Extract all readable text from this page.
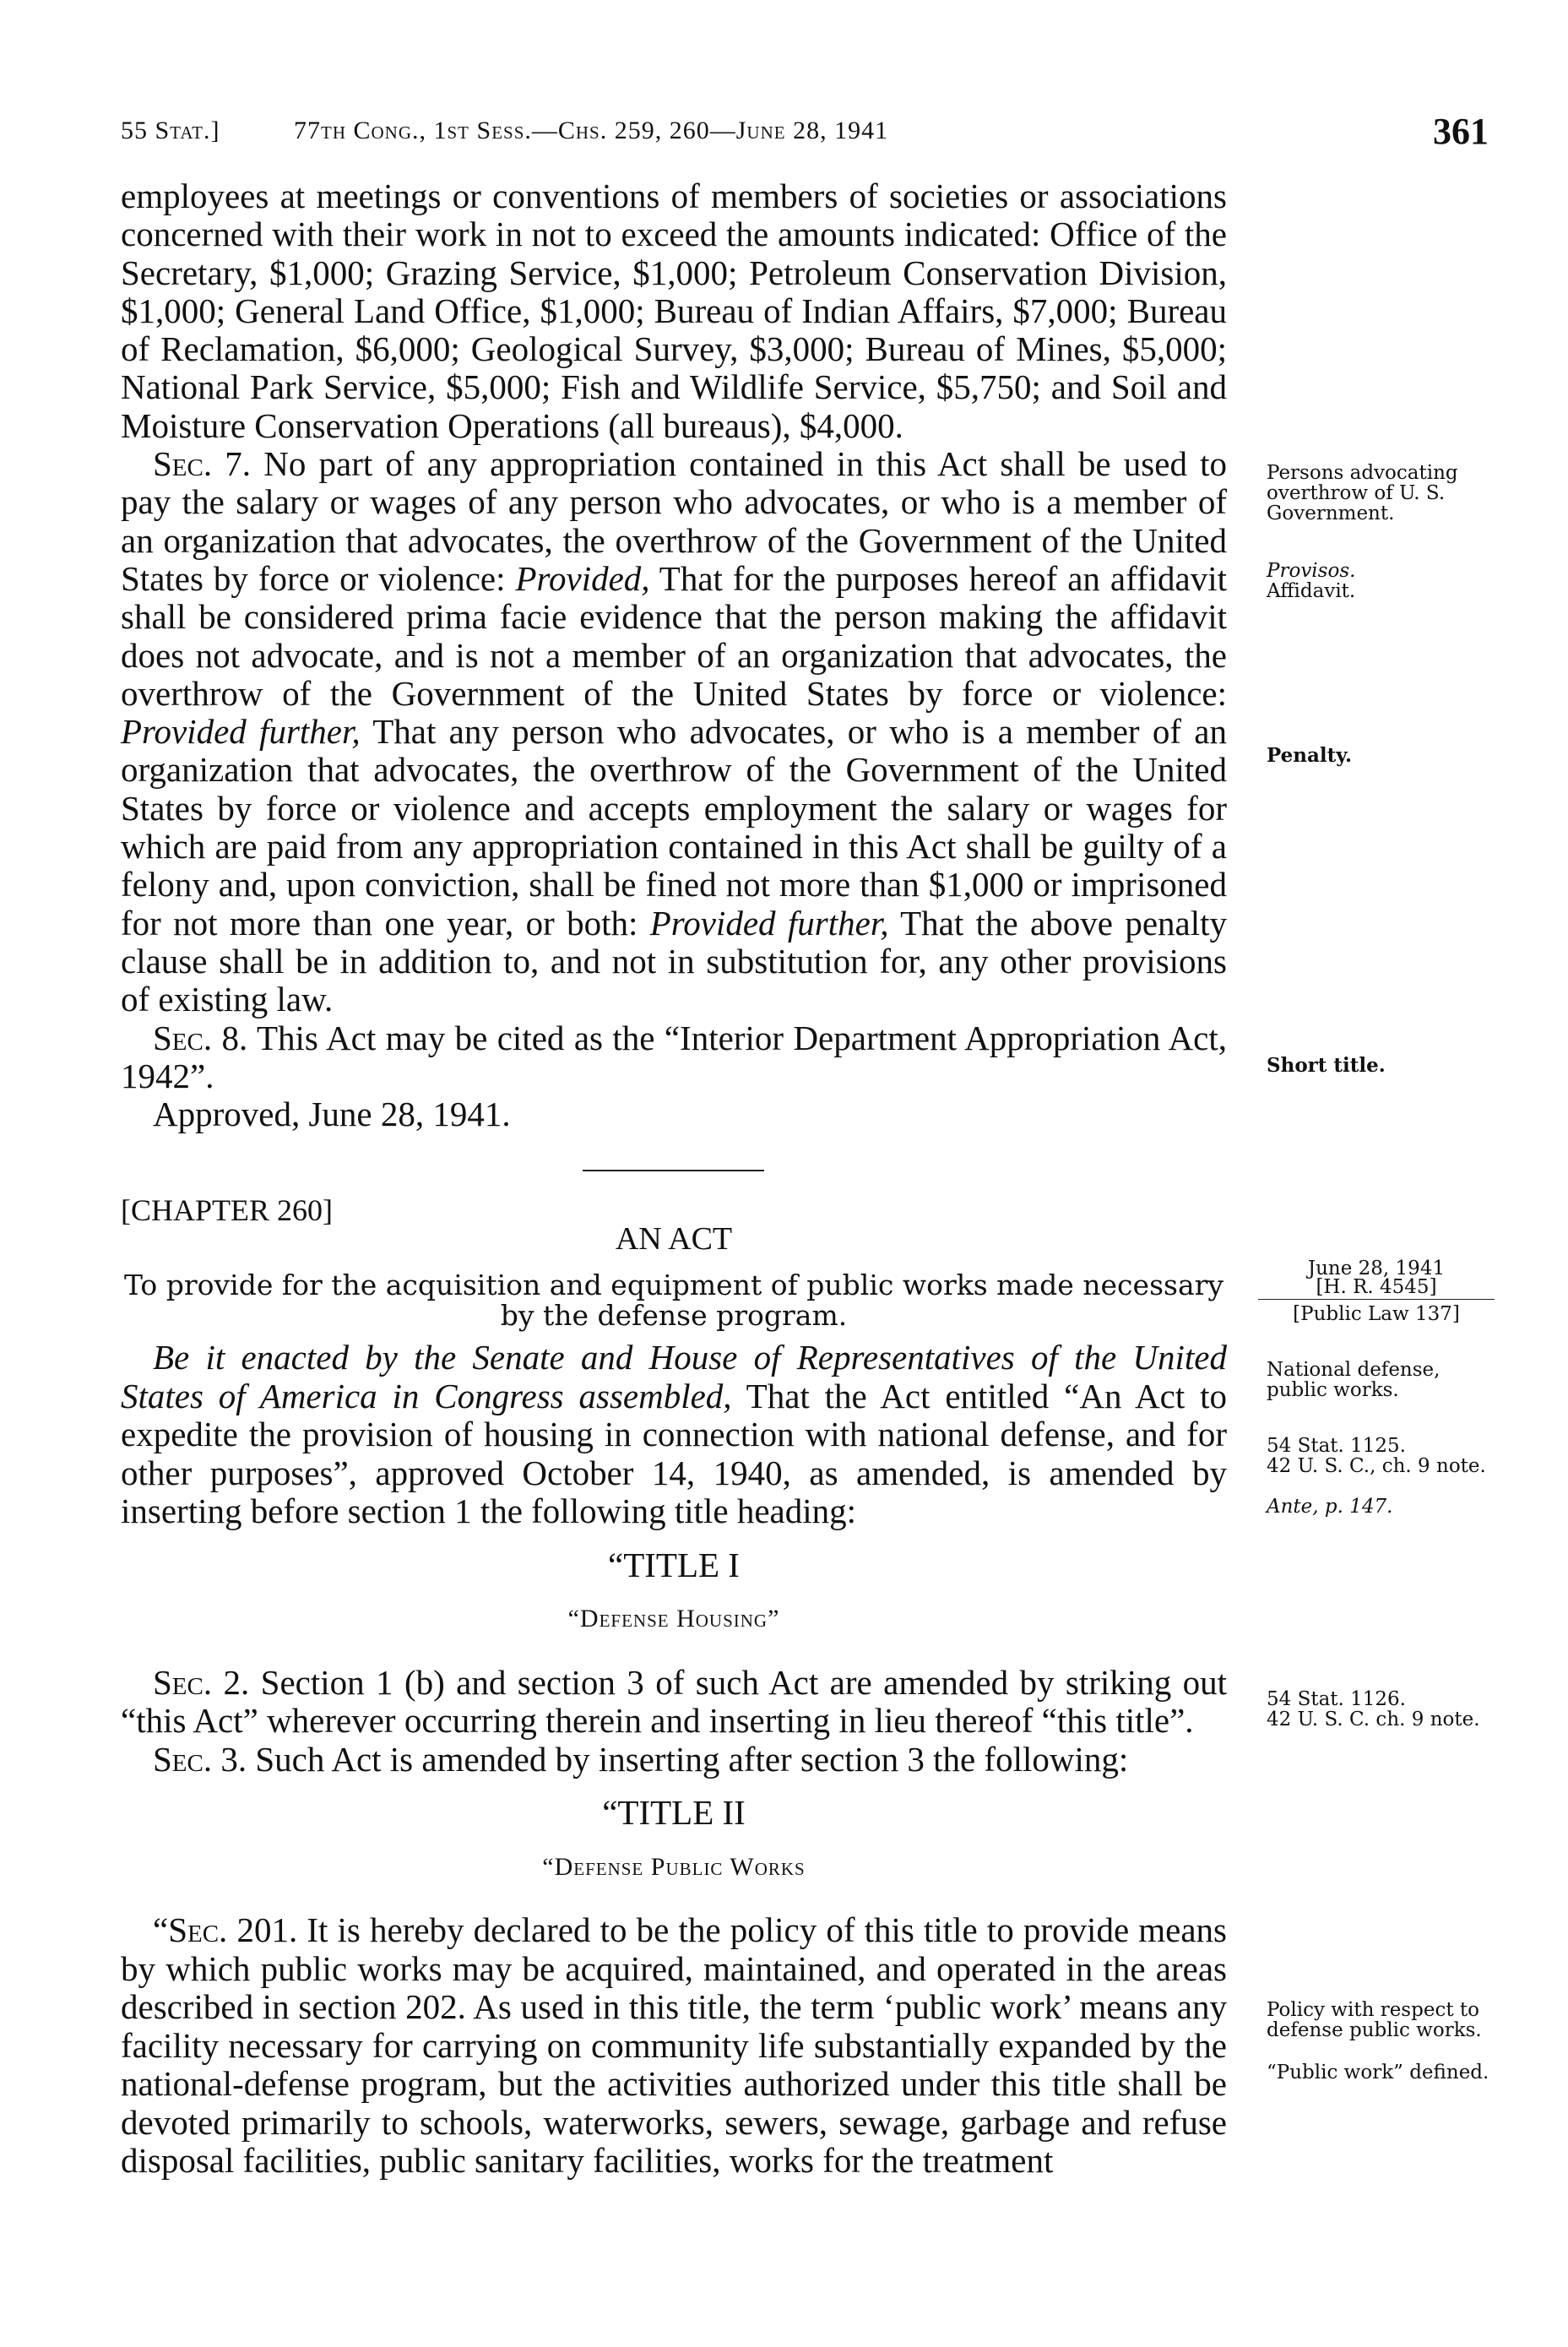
55 Stat.]	77th Cong., 1st Sess.—Chs. 259, 260—June 28, 1941	361

employees at meetings or conventions of members of societies or associations concerned with their work in not to exceed the amounts indicated: Office of the Secretary, $1,000; Grazing Service, $1,000; Petroleum Conservation Division, $1,000; General Land Office, $1,000; Bureau of Indian Affairs, $7,000; Bureau of Reclamation, $6,000; Geological Survey, $3,000; Bureau of Mines, $5,000; National Park Service, $5,000; Fish and Wildlife Service, $5,750; and Soil and Moisture Conservation Operations (all bureaus), $4,000.

Sec. 7. No part of any appropriation contained in this Act shall be used to pay the salary or wages of any person who advocates, or who is a member of an organization that advocates, the overthrow of the Government of the United States by force or violence: Provided, That for the purposes hereof an affidavit shall be considered prima facie evidence that the person making the affidavit does not advocate, and is not a member of an organization that advocates, the overthrow of the Government of the United States by force or violence: Provided further, That any person who advocates, or who is a member of an organization that advocates, the overthrow of the Government of the United States by force or violence and accepts employment the salary or wages for which are paid from any appropriation contained in this Act shall be guilty of a felony and, upon conviction, shall be fined not more than $1,000 or imprisoned for not more than one year, or both: Provided further, That the above penalty clause shall be in addition to, and not in substitution for, any other provisions of existing law.

Sec. 8. This Act may be cited as the “Interior Department Appropriation Act, 1942”.

Approved, June 28, 1941.

Persons advocating overthrow of U. S. Government.
Provisos.
Affidavit.
Penalty.
Short title.
[CHAPTER 260]
AN ACT
To provide for the acquisition and equipment of public works made necessary by the defense program.
June 28, 1941
[H. R. 4545]
[Public Law 137]

Be it enacted by the Senate and House of Representatives of the United States of America in Congress assembled, That the Act entitled “An Act to expedite the provision of housing in connection with national defense, and for other purposes”, approved October 14, 1940, as amended, is amended by inserting before section 1 the following title heading:

“TITLE I

“Defense Housing”

Sec. 2. Section 1 (b) and section 3 of such Act are amended by striking out “this Act” wherever occurring therein and inserting in lieu thereof “this title”.

Sec. 3. Such Act is amended by inserting after section 3 the following:

“TITLE II

“Defense Public Works

“Sec. 201. It is hereby declared to be the policy of this title to provide means by which public works may be acquired, maintained, and operated in the areas described in section 202. As used in this title, the term ‘public work’ means any facility necessary for carrying on community life substantially expanded by the national-defense program, but the activities authorized under this title shall be devoted primarily to schools, waterworks, sewers, sewage, garbage and refuse disposal facilities, public sanitary facilities, works for the treatment

National defense, public works.
54 Stat. 1125.
42 U. S. C., ch. 9 note.
Ante, p. 147.
54 Stat. 1126.
42 U. S. C. ch. 9 note.
Policy with respect to defense public works.
“Public work” defined.
